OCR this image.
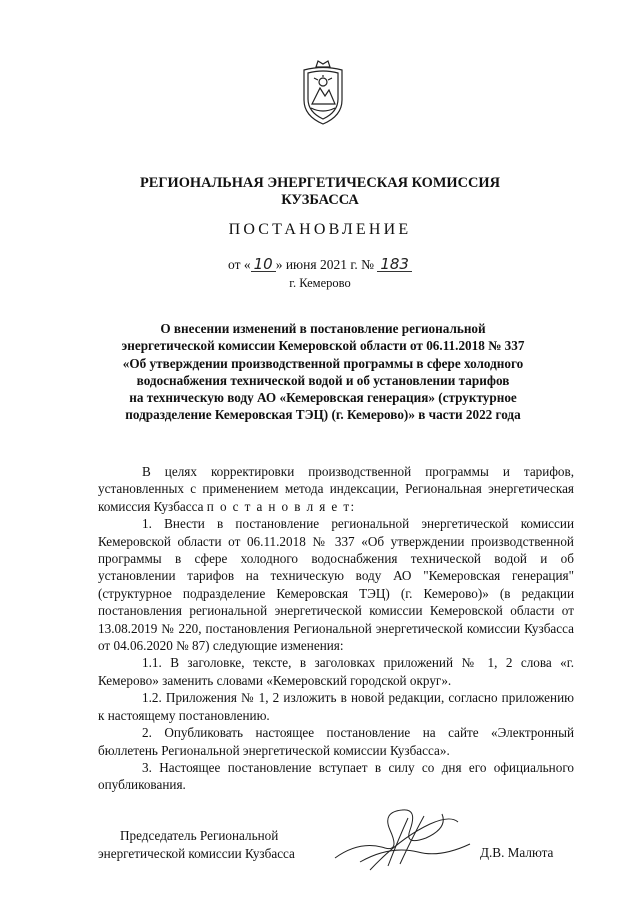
РЕГИОНАЛЬНАЯ ЭНЕРГЕТИЧЕСКАЯ КОМИССИЯ
КУЗБАССА
ПОСТАНОВЛЕНИЕ
от « 10 » июня 2021 г. № 183
г. Кемерово
О внесении изменений в постановление региональной
энергетической комиссии Кемеровской области от 06.11.2018 № 337
«Об утверждении производственной программы в сфере холодного
водоснабжения технической водой и об установлении тарифов
на техническую воду АО «Кемеровская генерация» (структурное
подразделение Кемеровская ТЭЦ) (г. Кемерово)» в части 2022 года

В целях корректировки производственной программы и тарифов, установленных с применением метода индексации, Региональная энергетическая комиссия Кузбасса п о с т а н о в л я е т:

1. Внести в постановление региональной энергетической комиссии Кемеровской области от 06.11.2018 № 337 «Об утверждении производственной программы в сфере холодного водоснабжения технической водой и об установлении тарифов на техническую воду АО "Кемеровская генерация" (структурное подразделение Кемеровская ТЭЦ) (г. Кемерово)» (в редакции постановления региональной энергетической комиссии Кемеровской области от 13.08.2019 № 220, постановления Региональной энергетической комиссии Кузбасса от 04.06.2020 № 87) следующие изменения:

1.1. В заголовке, тексте, в заголовках приложений № 1, 2 слова «г. Кемерово» заменить словами «Кемеровский городской округ».

1.2. Приложения № 1, 2 изложить в новой редакции, согласно приложению к настоящему постановлению.

2. Опубликовать настоящее постановление на сайте «Электронный бюллетень Региональной энергетической комиссии Кузбасса».

3. Настоящее постановление вступает в силу со дня его официального опубликования.

Председатель Региональной
энергетической комиссии Кузбасса	Д.В. Малюта
